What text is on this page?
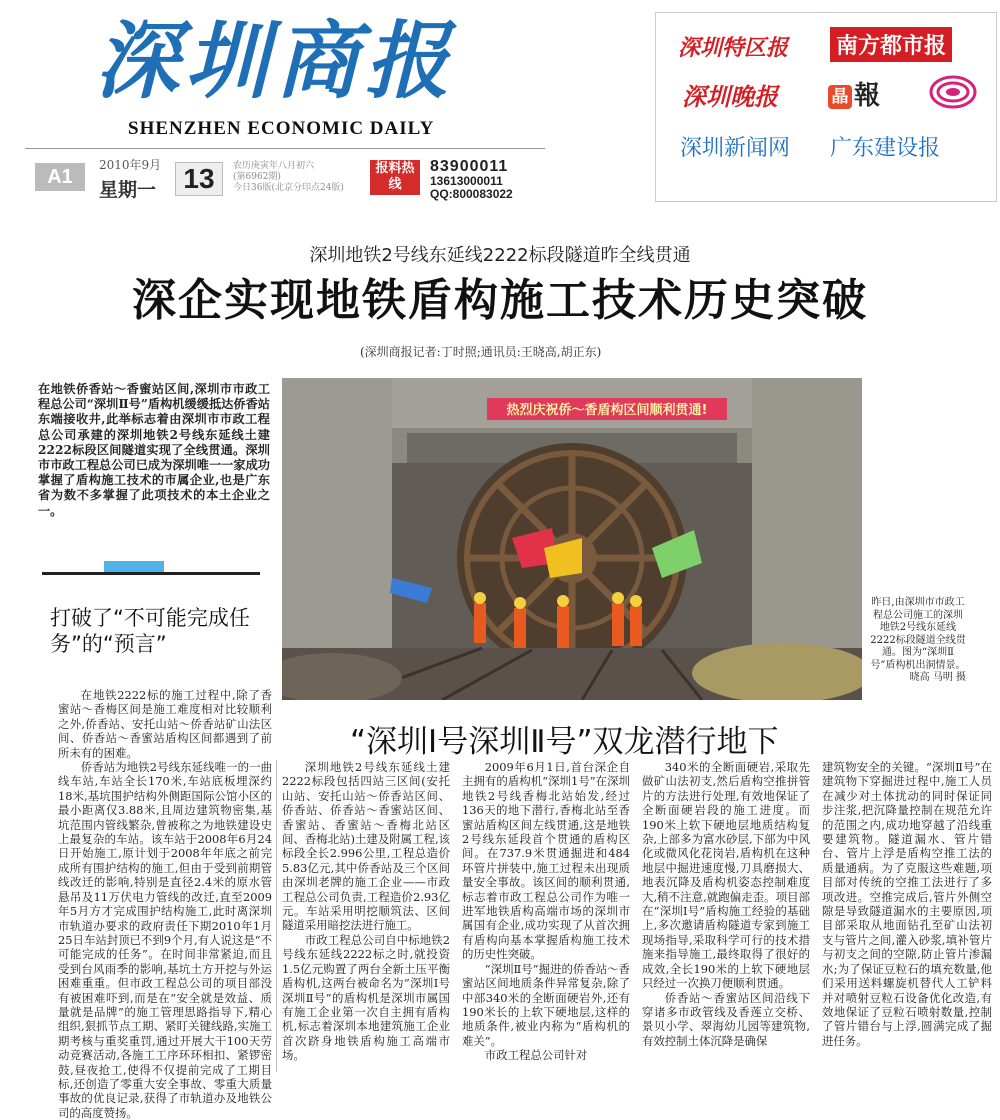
深圳商报
SHENZHEN ECONOMIC DAILY
A1
2010年9月
星期一 13	农历庚寅年八月初六
(第6962期)
今日36版(北京分印点24版)
报料热线
83900011
13613000011
QQ:800083022
深圳特区报 南方都市报
深圳晚报	晶 報
深圳新闻网 广东建设报
深圳地铁2号线东延线2222标段隧道昨全线贯通
深企实现地铁盾构施工技术历史突破
(深圳商报记者:丁时照;通讯员:王晓高,胡正东)
在地铁侨香站～香蜜站区间,深圳市市政工程总公司“深圳Ⅱ号”盾构机缓缓抵达侨香站东端接收井,此举标志着由深圳市市政工程总公司承建的深圳地铁2号线东延线土建2222标段区间隧道实现了全线贯通。深圳市市政工程总公司已成为深圳唯一一家成功掌握了盾构施工技术的市属企业,也是广东省为数不多掌握了此项技术的本土企业之一。
打破了“不可能完成任务”的“预言”
热烈庆祝侨～香盾构区间顺利贯通!
昨日,由深圳市市政工程总公司施工的深圳地铁2号线东延线2222标段隧道全线贯通。图为“深圳Ⅱ号”盾构机出洞情景。
晓高 马明 摄
“深圳Ⅰ号深圳Ⅱ号”双龙潜行地下

在地铁2222标的施工过程中,除了香蜜站～香梅区间是施工难度相对比较顺利之外,侨香站、安托山站～侨香站矿山法区间、侨香站～香蜜站盾构区间都遇到了前所未有的困难。

侨香站为地铁2号线东延线唯一的一曲线车站,车站全长170米,车站底板埋深约18米,基坑围护结构外侧距国际公馆小区的最小距离仅3.88米,且周边建筑物密集,基坑范围内管线繁杂,曾被称之为地铁建设史上最复杂的车站。该车站于2008年6月24日开始施工,原计划于2008年年底之前完成所有围护结构的施工,但由于受到前期管线改迁的影响,特别是直径2.4米的原水管悬吊及11万伏电力管线的改迁,直至2009年5月方才完成围护结构施工,此时离深圳市轨道办要求的政府责任下期2010年1月25日车站封顶已不到9个月,有人说这是“不可能完成的任务”。在时间非常紧迫,而且受到台风雨季的影响,基坑土方开挖与外运困难重重。但市政工程总公司的项目部没有被困难吓到,而是在“安全就是效益、质量就是品牌”的施工管理思路指导下,精心组织,狠抓节点工期、紧盯关键线路,实施工期考核与重奖重罚,通过开展大干100天劳动竞赛活动,各施工工序环环相扣、紧锣密鼓,昼夜抢工,使得不仅提前完成了工期目标,还创造了零重大安全事故、零重大质量事故的优良记录,获得了市轨道办及地铁公司的高度赞扬。

深圳地铁2号线东延线土建2222标段包括四站三区间(安托山站、安托山站～侨香站区间、侨香站、侨香站～香蜜站区间、香蜜站、香蜜站～香梅北站区间、香梅北站)土建及附属工程,该标段全长2.996公里,工程总造价5.83亿元,其中侨香站及三个区间由深圳老牌的施工企业——市政工程总公司负责,工程造价2.93亿元。车站采用明挖顺筑法、区间隧道采用暗挖法进行施工。

市政工程总公司自中标地铁2号线东延线2222标之时,就投资1.5亿元购置了两台全新土压平衡盾构机,这两台被命名为“深圳Ⅰ号深圳Ⅱ号”的盾构机是深圳市属国有施工企业第一次自主拥有盾构机,标志着深圳本地建筑施工企业首次跻身地铁盾构施工高端市场。

2009年6月1日,首台深企自主拥有的盾构机“深圳1号”在深圳地铁2号线香梅北站始发,经过136天的地下潜行,香梅北站至香蜜站盾构区间左线贯通,这是地铁2号线东延段首个贯通的盾构区间。在737.9米贯通掘进和484环管片拼装中,施工过程未出现质量安全事故。该区间的顺利贯通,标志着市政工程总公司作为唯一进军地铁盾构高端市场的深圳市属国有企业,成功实现了从首次拥有盾构向基本掌握盾构施工技术的历史性突破。

“深圳Ⅱ号”掘进的侨香站～香蜜站区间地质条件异常复杂,除了中部340米的全断面硬岩外,还有190米长的上软下硬地层,这样的地质条件,被业内称为“盾构机的难关”。

市政工程总公司针对

340米的全断面硬岩,采取先做矿山法初支,然后盾构空推拼管片的方法进行处理,有效地保证了全断面硬岩段的施工进度。而190米上软下硬地层地质结构复杂,上部多为富水砂层,下部为中风化或微风化花岗岩,盾构机在这种地层中掘进速度慢,刀具磨损大、地表沉降及盾构机姿态控制难度大,稍不注意,就跑偏走歪。项目部在“深圳Ⅰ号”盾构施工经验的基础上,多次邀请盾构隧道专家到施工现场指导,采取科学可行的技术措施来指导施工,最终取得了很好的成效,全长190米的上软下硬地层只经过一次换刀便顺利贯通。

侨香站～香蜜站区间沿线下穿诸多市政管线及香莲立交桥、景贝小学、翠海幼儿园等建筑物,有效控制土体沉降是确保

建筑物安全的关键。“深圳Ⅱ号”在建筑物下穿掘进过程中,施工人员在减少对土体扰动的同时保证同步注浆,把沉降量控制在规范允许的范围之内,成功地穿越了沿线重要建筑物。隧道漏水、管片错台、管片上浮是盾构空推工法的质量通病。为了克服这些难题,项目部对传统的空推工法进行了多项改进。空推完成后,管片外侧空隙是导致隧道漏水的主要原因,项目部采取从地面钻孔至矿山法初支与管片之间,灌入砂浆,填补管片与初支之间的空隙,防止管片渗漏水;为了保证豆粒石的填充数量,他们采用送料螺旋机替代人工铲料并对喷射豆粒石设备优化改造,有效地保证了豆粒石喷射数量,控制了管片错台与上浮,圆满完成了掘进任务。
